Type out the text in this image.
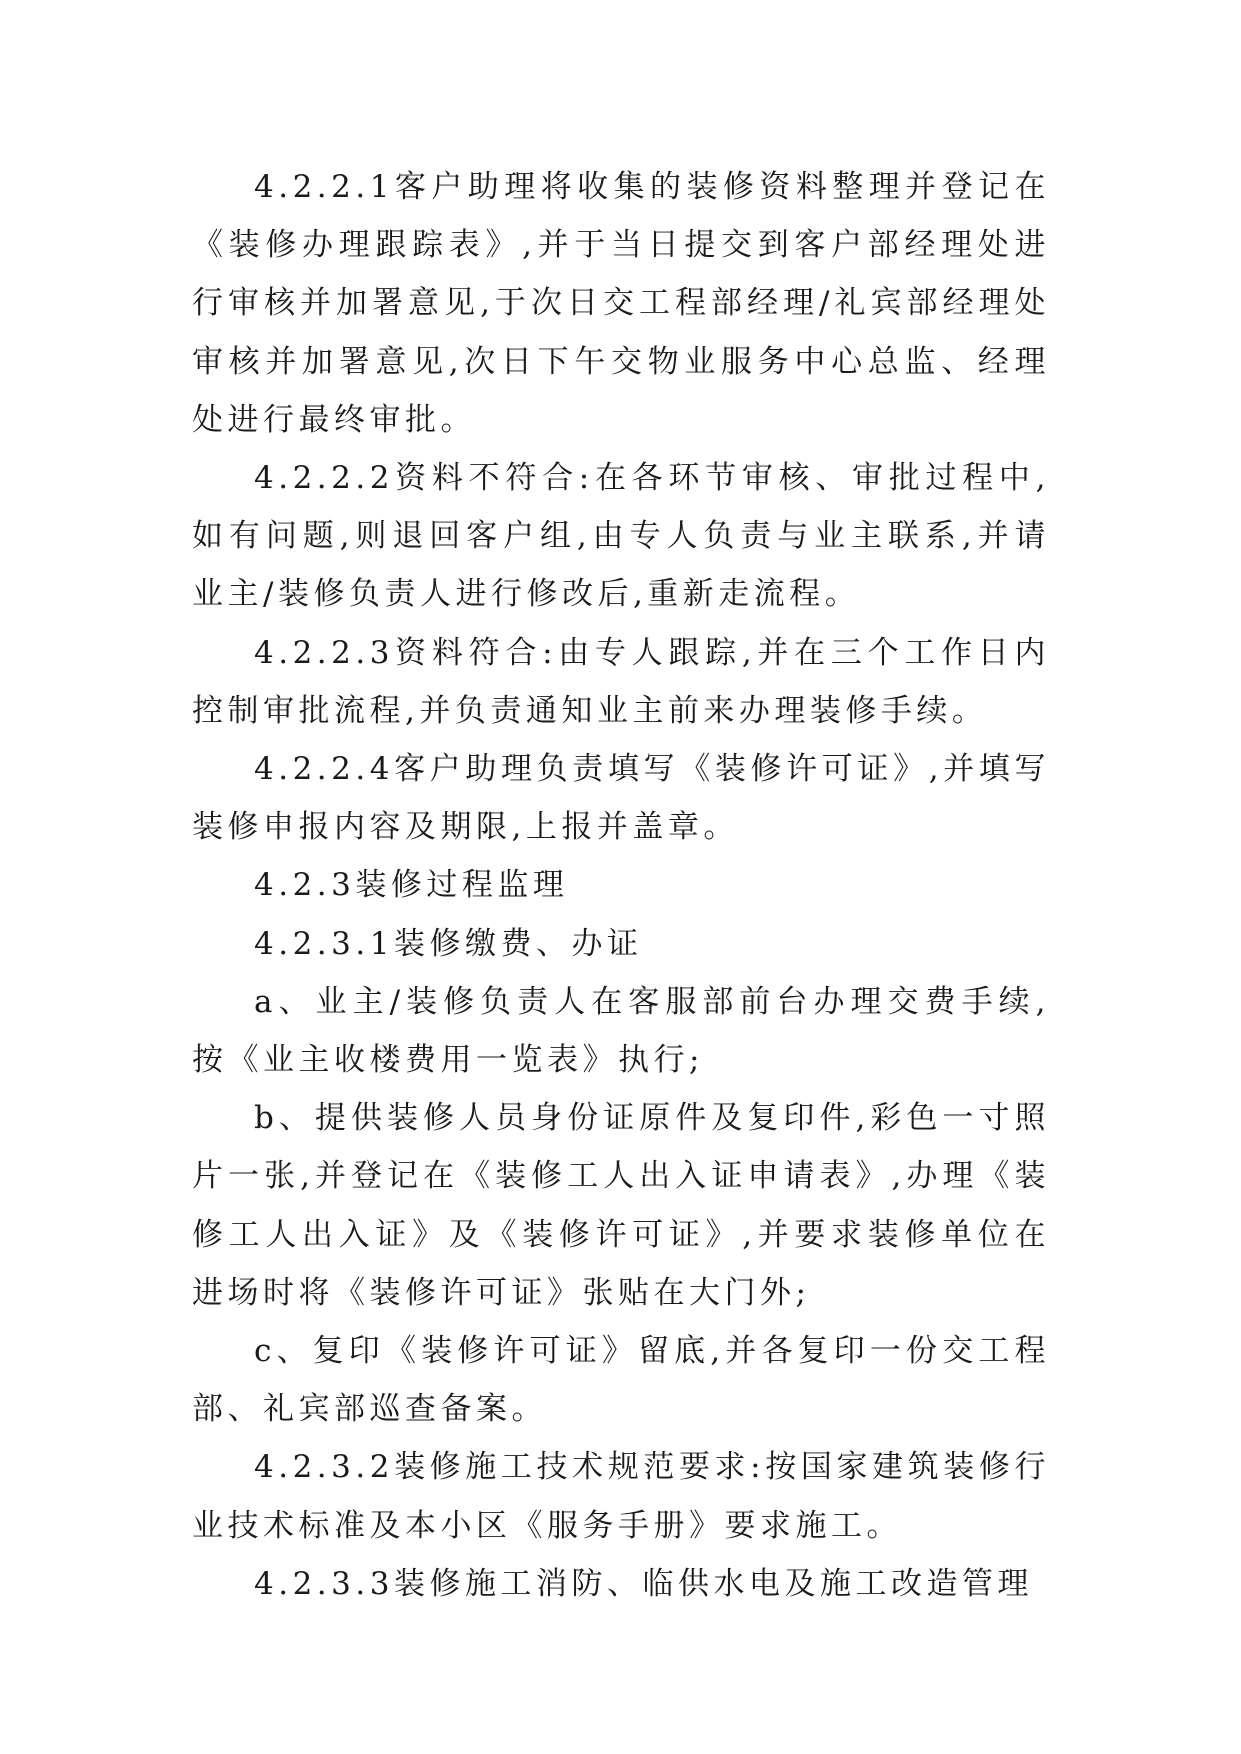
4.2.2.1客户助理将收集的装修资料整理并登记在《装修办理跟踪表》,并于当日提交到客户部经理处进行审核并加署意见,于次日交工程部经理/礼宾部经理处审核并加署意见,次日下午交物业服务中心总监、经理处进行最终审批。

4.2.2.2资料不符合:在各环节审核、审批过程中,如有问题,则退回客户组,由专人负责与业主联系,并请业主/装修负责人进行修改后,重新走流程。

4.2.2.3资料符合:由专人跟踪,并在三个工作日内控制审批流程,并负责通知业主前来办理装修手续。

4.2.2.4客户助理负责填写《装修许可证》,并填写装修申报内容及期限,上报并盖章。

4.2.3装修过程监理

4.2.3.1装修缴费、办证

a、业主/装修负责人在客服部前台办理交费手续,按《业主收楼费用一览表》执行;

b、提供装修人员身份证原件及复印件,彩色一寸照片一张,并登记在《装修工人出入证申请表》,办理《装修工人出入证》及《装修许可证》,并要求装修单位在进场时将《装修许可证》张贴在大门外;

c、复印《装修许可证》留底,并各复印一份交工程部、礼宾部巡查备案。

4.2.3.2装修施工技术规范要求:按国家建筑装修行业技术标准及本小区《服务手册》要求施工。

4.2.3.3装修施工消防、临供水电及施工改造管理
